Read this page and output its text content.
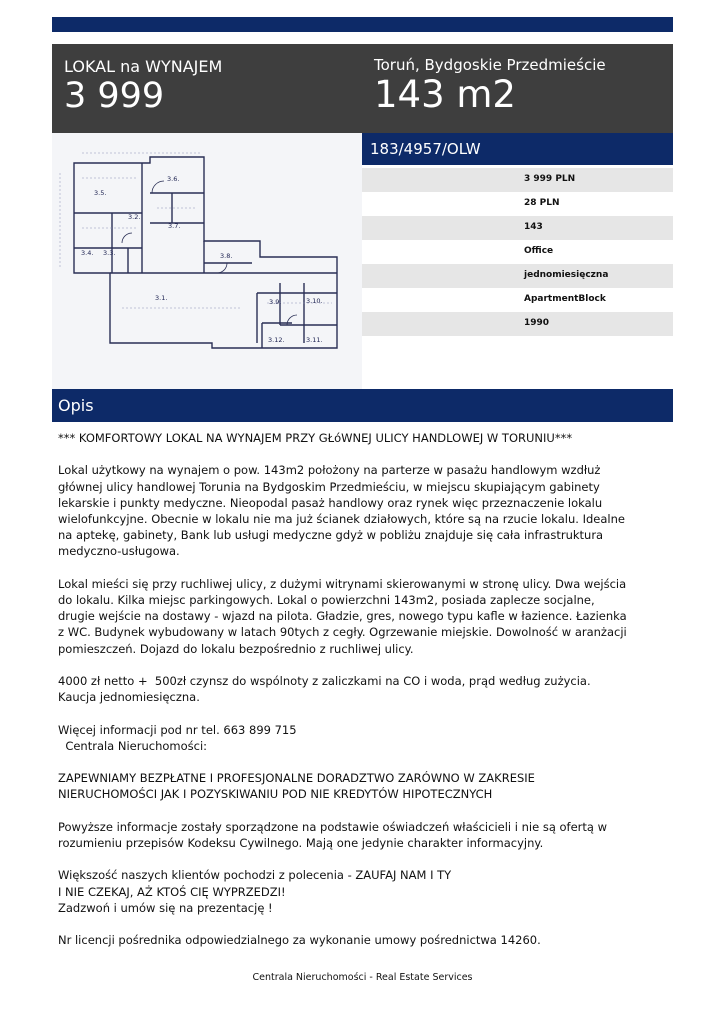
LOKAL na WYNAJEM
3 999
Toruń, Bydgoskie Przedmieście
143 m2
3.5.
3.6.
3.2.
3.7.
3.4. 3.3.	3.8.
3.1.	3.9.	3.10.
3.12.	3.11.
183/4957/OLW
3 999 PLN
28 PLN
143
Office
jednomiesięczna
ApartmentBlock
1990
Opis

*** KOMFORTOWY LOKAL NA WYNAJEM PRZY GŁóWNEJ ULICY HANDLOWEJ W TORUNIU***

Lokal użytkowy na wynajem o pow. 143m2 położony na parterze w pasażu handlowym wzdłuż
głównej ulicy handlowej Torunia na Bydgoskim Przedmieściu, w miejscu skupiającym gabinety
lekarskie i punkty medyczne. Nieopodal pasaż handlowy oraz rynek więc przeznaczenie lokalu
wielofunkcyjne. Obecnie w lokalu nie ma już ścianek działowych, które są na rzucie lokalu. Idealne
na aptekę, gabinety, Bank lub usługi medyczne gdyż w pobliżu znajduje się cała infrastruktura
medyczno-usługowa.

Lokal mieści się przy ruchliwej ulicy, z dużymi witrynami skierowanymi w stronę ulicy. Dwa wejścia
do lokalu. Kilka miejsc parkingowych. Lokal o powierzchni 143m2, posiada zaplecze socjalne,
drugie wejście na dostawy - wjazd na pilota. Gładzie, gres, nowego typu kafle w łazience. Łazienka
z WC. Budynek wybudowany w latach 90tych z cegły. Ogrzewanie miejskie. Dowolność w aranżacji
pomieszczeń. Dojazd do lokalu bezpośrednio z ruchliwej ulicy.

4000 zł netto +  500zł czynsz do wspólnoty z zaliczkami na CO i woda, prąd według zużycia.
Kaucja jednomiesięczna.

Więcej informacji pod nr tel. 663 899 715
Centrala Nieruchomości:

ZAPEWNIAMY BEZPŁATNE I PROFESJONALNE DORADZTWO ZARÓWNO W ZAKRESIE
NIERUCHOMOŚCI JAK I POZYSKIWANIU POD NIE KREDYTÓW HIPOTECZNYCH

Powyższe informacje zostały sporządzone na podstawie oświadczeń właścicieli i nie są ofertą w
rozumieniu przepisów Kodeksu Cywilnego. Mają one jedynie charakter informacyjny.

Większość naszych klientów pochodzi z polecenia - ZAUFAJ NAM I TY
I NIE CZEKAJ, AŻ KTOŚ CIĘ WYPRZEDZI!
Zadzwoń i umów się na prezentację !

Nr licencji pośrednika odpowiedzialnego za wykonanie umowy pośrednictwa 14260.

Centrala Nieruchomości - Real Estate Services
